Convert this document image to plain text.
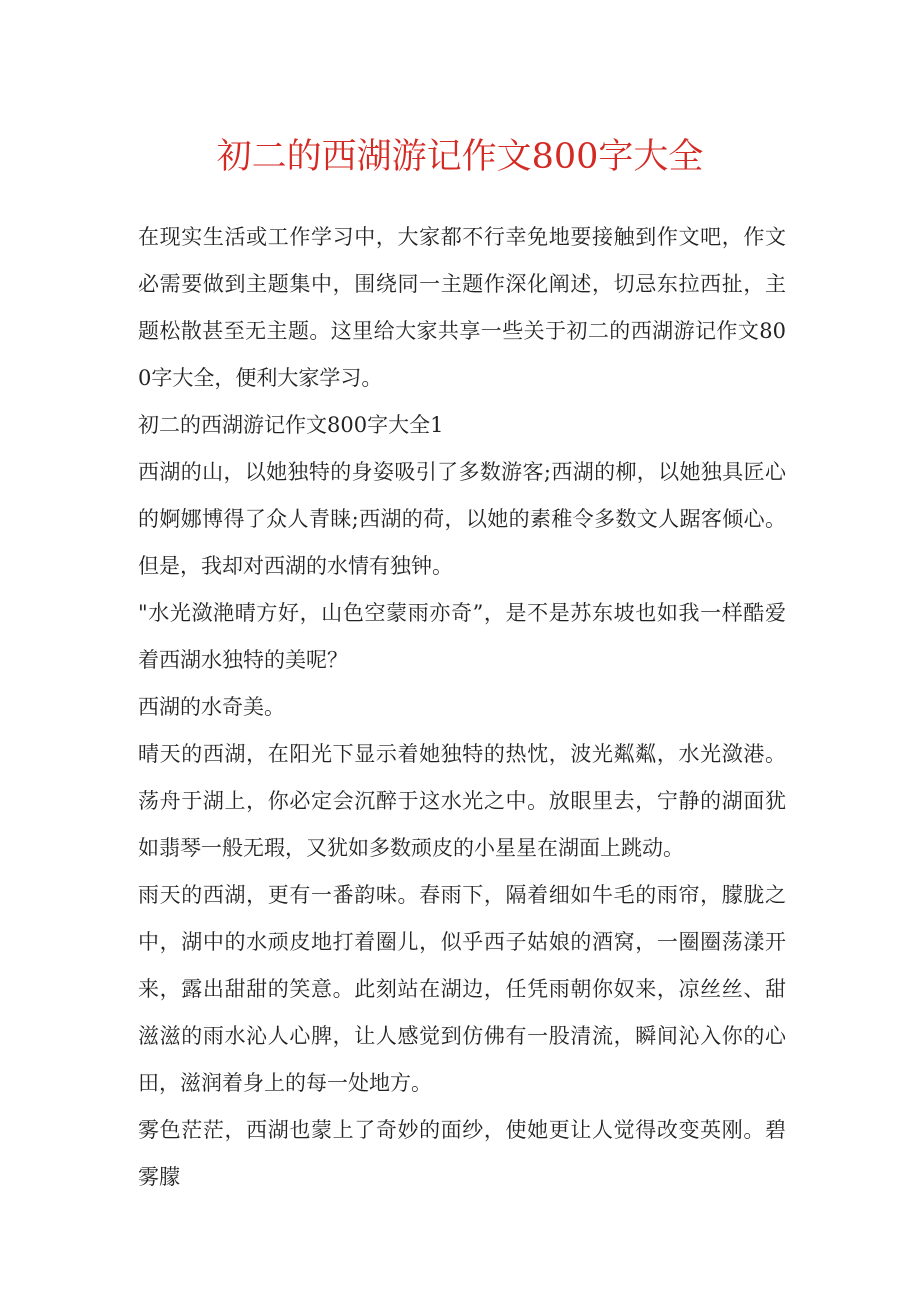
初二的西湖游记作文800字大全

在现实生活或工作学习中，大家都不行幸免地要接触到作文吧，作文必需要做到主题集中，围绕同一主题作深化阐述，切忌东拉西扯，主题松散甚至无主题。这里给大家共享一些关于初二的西湖游记作文800字大全，便利大家学习。

初二的西湖游记作文800字大全1

西湖的山，以她独特的身姿吸引了多数游客;西湖的柳，以她独具匠心的婀娜博得了众人青睐;西湖的荷，以她的素稚令多数文人踞客倾心。但是，我却对西湖的水情有独钟。

"水光潋滟晴方好，山色空蒙雨亦奇”，是不是苏东坡也如我一样酷爱着西湖水独特的美呢？

西湖的水奇美。

晴天的西湖，在阳光下显示着她独特的热忱，波光粼粼，水光潋港。荡舟于湖上，你必定会沉醉于这水光之中。放眼里去，宁静的湖面犹如翡琴一般无瑕，又犹如多数顽皮的小星星在湖面上跳动。

雨天的西湖，更有一番韵味。春雨下，隔着细如牛毛的雨帘，朦胧之中，湖中的水顽皮地打着圈儿，似乎西子姑娘的酒窝，一圈圈荡漾开来，露出甜甜的笑意。此刻站在湖边，任凭雨朝你奴来，凉丝丝、甜滋滋的雨水沁人心脾，让人感觉到仿佛有一股清流，瞬间沁入你的心田，滋润着身上的每一处地方。

雾色茫茫，西湖也蒙上了奇妙的面纱，使她更让人觉得改变英刚。碧雾朦
